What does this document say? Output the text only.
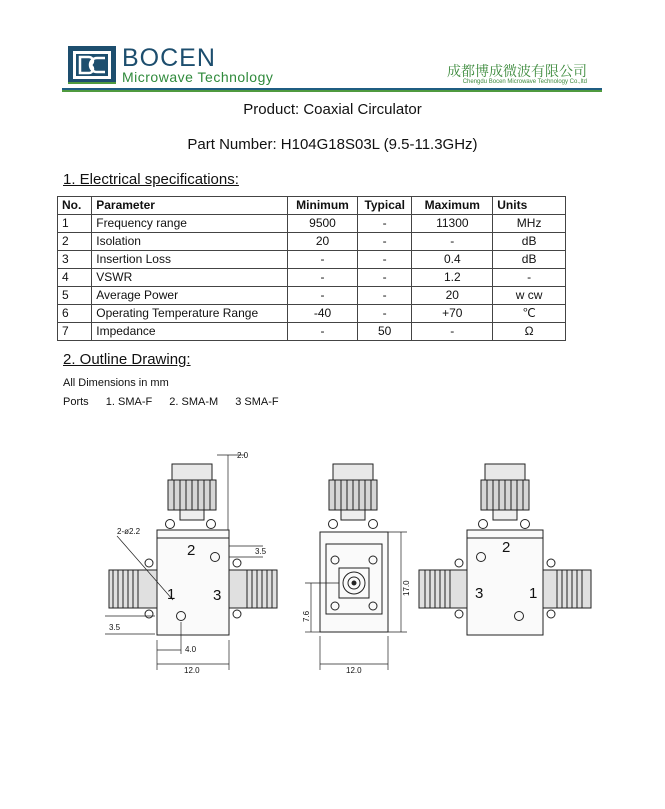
BOCEN
Microwave Technology	成都博成微波有限公司
Chengdu Bocen Microwave Technology Co.,ltd
Product: Coaxial Circulator
Part Number: H104G18S03L (9.5-11.3GHz)
1. Electrical specifications:
No.	Parameter	Minimum	Typical	Maximum	Units
1	Frequency range	9500	-	11300	MHz
2	Isolation	20	-	-	dB
3	Insertion Loss	-	-	0.4	dB
4	VSWR	-	-	1.2	-
5	Average Power	-	-	20	w cw
6	Operating Temperature Range	-40	-	+70	℃
7	Impedance	-	50	-	Ω
2. Outline Drawing:
All Dimensions in mm
Ports 1. SMA-F 2. SMA-M 3 SMA-F
2.0
2-ø2.2
3.5
3.5
4.0
12.0
1
2
3	17.0
7.6
12.0
3
2
1
